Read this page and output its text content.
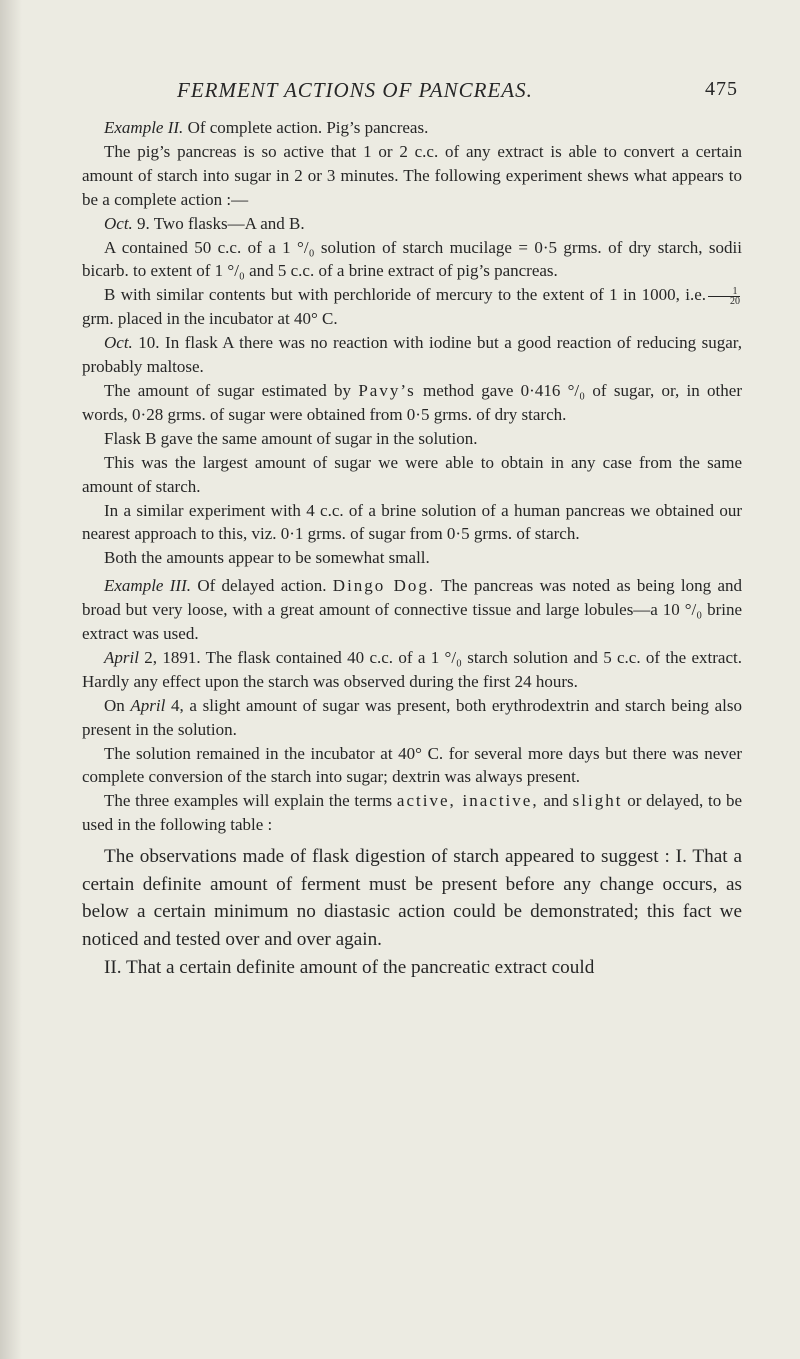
FERMENT ACTIONS OF PANCREAS.	475

Example II. Of complete action. Pig’s pancreas.

The pig’s pancreas is so active that 1 or 2 c.c. of any extract is able to convert a certain amount of starch into sugar in 2 or 3 minutes. The following experiment shews what appears to be a complete action :—

Oct. 9. Two flasks—A and B.

A contained 50 c.c. of a 1 °/₀ solution of starch mucilage = 0·5 grms. of dry starch, sodii bicarb. to extent of 1 °/₀ and 5 c.c. of a brine extract of pig’s pancreas.

B with similar contents but with perchloride of mercury to the extent of 1 in 1000, i.e. $\frac{1}{20}$
grm. placed in the incubator at 40° C.

Oct. 10. In flask A there was no reaction with iodine but a good reaction of reducing sugar, probably maltose.

The amount of sugar estimated by Pavy’s method gave 0·416 °/₀ of sugar, or, in other words, 0·28 grms. of sugar were obtained from 0·5 grms. of dry starch.

Flask B gave the same amount of sugar in the solution.

This was the largest amount of sugar we were able to obtain in any case from the same amount of starch.

In a similar experiment with 4 c.c. of a brine solution of a human pancreas we obtained our nearest approach to this, viz. 0·1 grms. of sugar from 0·5 grms. of starch.

Both the amounts appear to be somewhat small.

Example III. Of delayed action. Dingo Dog. The pancreas was noted as being long and broad but very loose, with a great amount of connective tissue and large lobules—a 10 °/₀ brine extract was used.

April 2, 1891. The flask contained 40 c.c. of a 1 °/₀ starch solution and 5 c.c. of the extract. Hardly any effect upon the starch was observed during the first 24 hours.

On April 4, a slight amount of sugar was present, both erythrodextrin and starch being also present in the solution.

The solution remained in the incubator at 40° C. for several more days but there was never complete conversion of the starch into sugar; dextrin was always present.

The three examples will explain the terms active, inactive, and slight or delayed, to be used in the following table :

The observations made of flask digestion of starch appeared to suggest : I. That a certain definite amount of ferment must be present before any change occurs, as below a certain minimum no diastasic action could be demonstrated; this fact we noticed and tested over and over again.

II. That a certain definite amount of the pancreatic extract could
